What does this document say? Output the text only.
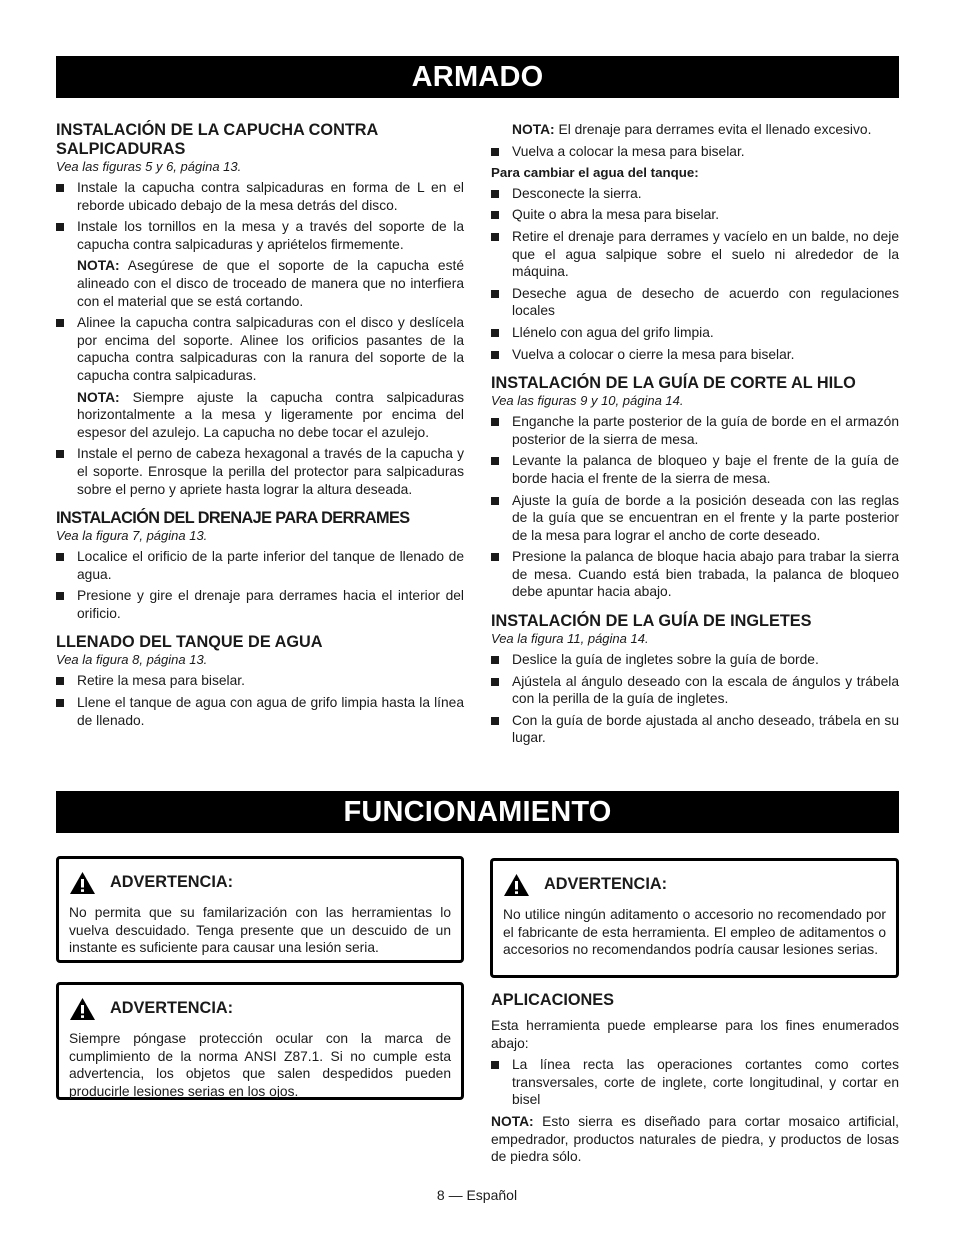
ARMADO
INSTALACIÓN DE LA CAPUCHA CONTRA SALPICADURAS
Vea las figuras 5 y 6, página 13.
Instale la capucha contra salpicaduras en forma de L en el reborde ubicado debajo de la mesa detrás del disco.
Instale los tornillos en la mesa y a través del soporte de la capucha contra salpicaduras y apriételos firmemente.
NOTA: Asegúrese de que el soporte de la capucha esté alineado con el disco de troceado de manera que no interfiera con el material que se está cortando.
Alinee la capucha contra salpicaduras con el disco y deslícela por encima del soporte. Alinee los orificios pasantes de la capucha contra salpicaduras con la ranura del soporte de la capucha contra salpicaduras.
NOTA: Siempre ajuste la capucha contra salpicaduras horizontalmente a la mesa y ligeramente por encima del espesor del azulejo. La capucha no debe tocar el azulejo.
Instale el perno de cabeza hexagonal a través de la capucha y el soporte. Enrosque la perilla del protector para salpicaduras sobre el perno y apriete hasta lograr la altura deseada.
INSTALACIÓN DEL DRENAJE PARA DERRAMES
Vea la figura 7, página 13.
Localice el orificio de la parte inferior del tanque de llenado de agua.
Presione y gire el drenaje para derrames hacia el interior del orificio.
LLENADO DEL TANQUE DE AGUA
Vea la figura 8, página 13.
Retire la mesa para biselar.
Llene el tanque de agua con agua de grifo limpia hasta la línea de llenado.
NOTA: El drenaje para derrames evita el llenado excesivo.
Vuelva a colocar la mesa para biselar.
Para cambiar el agua del tanque:
Desconecte la sierra.
Quite o abra la mesa para biselar.
Retire el drenaje para derrames y vacíelo en un balde, no deje que el agua salpique sobre el suelo ni alrededor de la máquina.
Deseche agua de desecho de acuerdo con regulaciones locales
Llénelo con agua del grifo limpia.
Vuelva a colocar o cierre la mesa para biselar.
INSTALACIÓN DE LA GUÍA DE CORTE AL HILO
Vea las figuras 9 y 10, página 14.
Enganche la parte posterior de la guía de borde en el armazón posterior de la sierra de mesa.
Levante la palanca de bloqueo y baje el frente de la guía de borde hacia el frente de la sierra de mesa.
Ajuste la guía de borde a la posición deseada con las reglas de la guía que se encuentran en el frente y la parte posterior de la mesa para lograr el ancho de corte deseado.
Presione la palanca de bloque hacia abajo para trabar la sierra de mesa. Cuando está bien trabada, la palanca de bloqueo debe apuntar hacia abajo.
INSTALACIÓN DE LA GUÍA DE INGLETES
Vea la figura 11, página 14.
Deslice la guía de ingletes sobre la guía de borde.
Ajústela al ángulo deseado con la escala de ángulos y trábela con la perilla de la guía de ingletes.
Con la guía de borde ajustada al ancho deseado, trábela en su lugar.
FUNCIONAMIENTO
ADVERTENCIA:
No permita que su familarización con las herramientas lo vuelva descuidado. Tenga presente que un descuido de un instante es suficiente para causar una lesión seria.
ADVERTENCIA:
Siempre póngase protección ocular con la marca de cumplimiento de la norma ANSI Z87.1. Si no cumple esta advertencia, los objetos que salen despedidos pueden producirle lesiones serias en los ojos.
ADVERTENCIA:
No utilice ningún aditamento o accesorio no recomendado por el fabricante de esta herramienta. El empleo de aditamentos o accesorios no recomendandos podría causar lesiones serias.
APLICACIONES
Esta herramienta puede emplearse para los fines enumerados abajo:
La línea recta las operaciones cortantes como cortes transversales, corte de inglete, corte longitudinal, y cortar en bisel
NOTA: Esto sierra es diseñado para cortar mosaico artificial, empedrador, productos naturales de piedra, y productos de losas de piedra sólo.
8 — Español
